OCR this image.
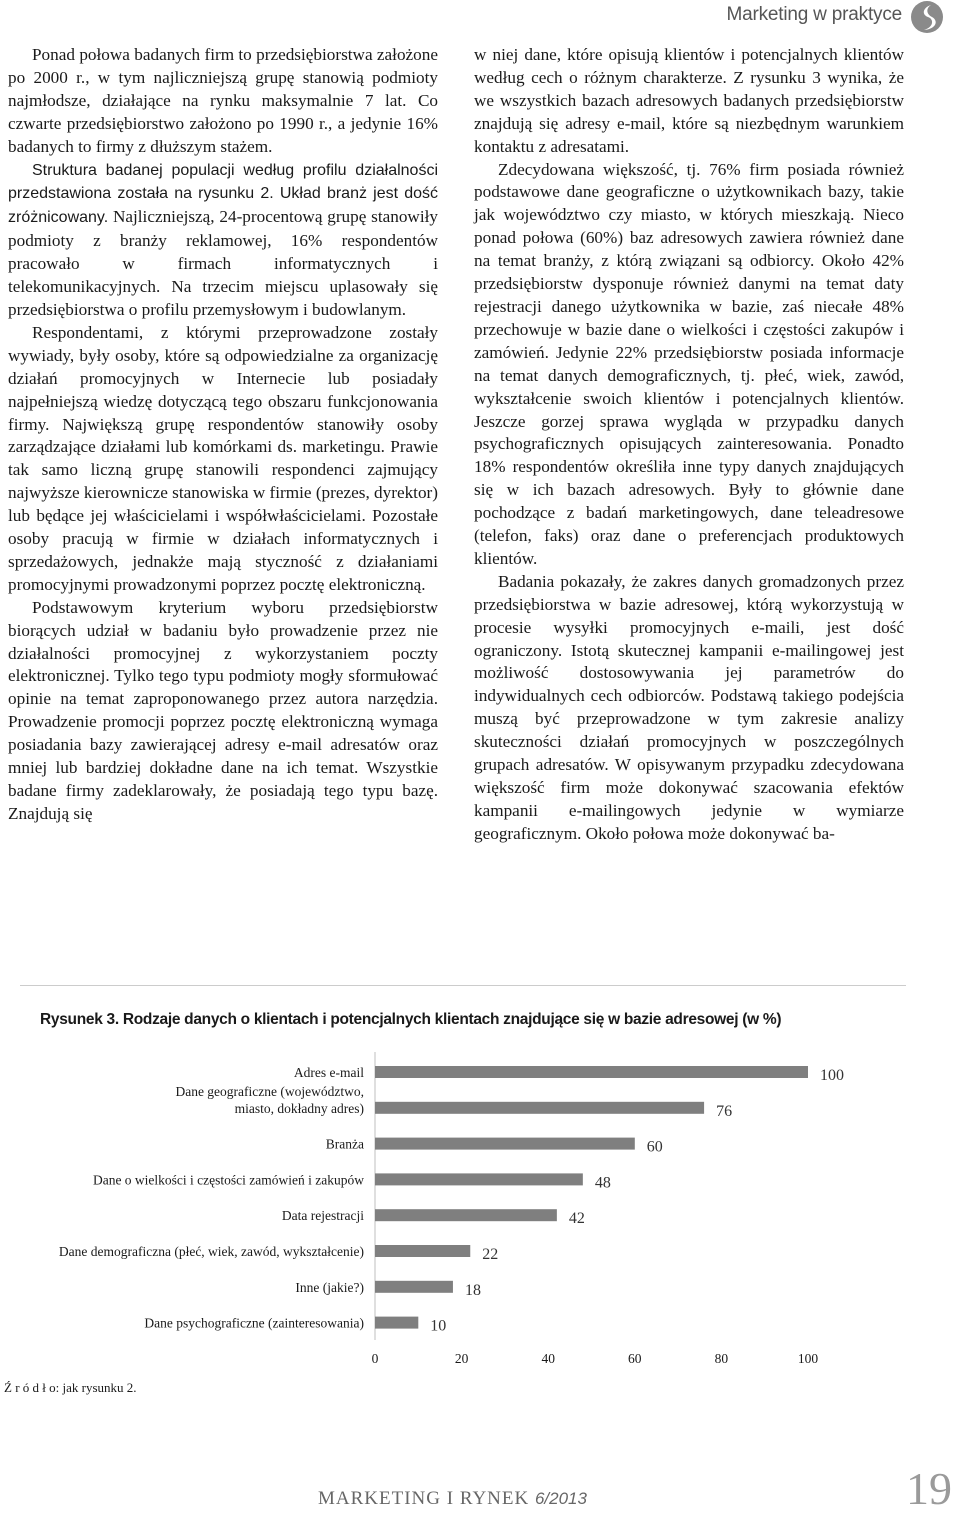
Marketing w praktyce

Ponad połowa badanych firm to przedsiębiorstwa założone po 2000 r., w tym najliczniejszą grupę stanowią podmioty najmłodsze, działające na rynku maksymalnie 7 lat. Co czwarte przedsiębiorstwo założono po 1990 r., a jedynie 16% badanych to firmy z dłuższym stażem.

Struktura badanej populacji według profilu działalności przedstawiona została na rysunku 2. Układ branż jest dość zróżnicowany. Najliczniejszą, 24-procentową grupę stanowiły podmioty z branży reklamowej, 16% respondentów pracowało w firmach informatycznych i telekomunikacyjnych. Na trzecim miejscu uplasowały się przedsiębiorstwa o profilu przemysłowym i budowlanym.

Respondentami, z którymi przeprowadzone zostały wywiady, były osoby, które są odpowiedzialne za organizację działań promocyjnych w Internecie lub posiadały najpełniejszą wiedzę dotyczącą tego obszaru funkcjonowania firmy. Największą grupę respondentów stanowiły osoby zarządzające działami lub komórkami ds. marketingu. Prawie tak samo liczną grupę stanowili respondenci zajmujący najwyższe kierownicze stanowiska w firmie (prezes, dyrektor) lub będące jej właścicielami i współwłaścicielami. Pozostałe osoby pracują w firmie w działach informatycznych i sprzedażowych, jednakże mają styczność z działaniami promocyjnymi prowadzonymi poprzez pocztę elektroniczną.

Podstawowym kryterium wyboru przedsiębiorstw biorących udział w badaniu było prowadzenie przez nie działalności promocyjnej z wykorzystaniem poczty elektronicznej. Tylko tego typu podmioty mogły sformułować opinie na temat zaproponowanego przez autora narzędzia. Prowadzenie promocji poprzez pocztę elektroniczną wymaga posiadania bazy zawierającej adresy e-mail adresatów oraz mniej lub bardziej dokładne dane na ich temat. Wszystkie badane firmy zadeklarowały, że posiadają tego typu bazę. Znajdują się

w niej dane, które opisują klientów i potencjalnych klientów według cech o różnym charakterze. Z rysunku 3 wynika, że we wszystkich bazach adresowych badanych przedsiębiorstw znajdują się adresy e-mail, które są niezbędnym warunkiem kontaktu z adresatami.

Zdecydowana większość, tj. 76% firm posiada również podstawowe dane geograficzne o użytkownikach bazy, takie jak województwo czy miasto, w których mieszkają. Nieco ponad połowa (60%) baz adresowych zawiera również dane na temat branży, z którą związani są odbiorcy. Około 42% przedsiębiorstw dysponuje również danymi na temat daty rejestracji danego użytkownika w bazie, zaś niecałe 48% przechowuje w bazie dane o wielkości i częstości zakupów i zamówień. Jedynie 22% przedsiębiorstw posiada informacje na temat danych demograficznych, tj. płeć, wiek, zawód, wykształcenie swoich klientów i potencjalnych klientów. Jeszcze gorzej sprawa wygląda w przypadku danych psychograficznych opisujących zainteresowania. Ponadto 18% respondentów określiła inne typy danych znajdujących się w ich bazach adresowych. Były to głównie dane pochodzące z badań marketingowych, dane teleadresowe (telefon, faks) oraz dane o preferencjach produktowych klientów.

Badania pokazały, że zakres danych gromadzonych przez przedsiębiorstwa w bazie adresowej, którą wykorzystują w procesie wysyłki promocyjnych e-maili, jest dość ograniczony. Istotą skutecznej kampanii e-mailingowej jest możliwość dostosowywania jej parametrów do indywidualnych cech odbiorców. Podstawą takiego podejścia muszą być przeprowadzone w tym zakresie analizy skuteczności działań promocyjnych w poszczególnych grupach adresatów. W opisywanym przypadku zdecydowana większość firm może dokonywać szacowania efektów kampanii e-mailingowych jedynie w wymiarze geograficznym. Około połowa może dokonywać ba-

Rysunek 3. Rodzaje danych o klientach i potencjalnych klientach znajdujące się w bazie adresowej (w %)
100
Adres e-mail
76
Dane geograficzne (województwo,
miasto, dokładny adres)
60
Branża
48
Dane o wielkości i częstości zamówień i zakupów
42
Data rejestracji
22
Dane demograficzna (płeć, wiek, zawód, wykształcenie)
18
Inne (jakie?)
10
Dane psychograficzne (zainteresowania)
0	20	40	60	80	100
Ź r ó d ł o: jak rysunku 2.
MARKETING I RYNEK 6/2013	19
